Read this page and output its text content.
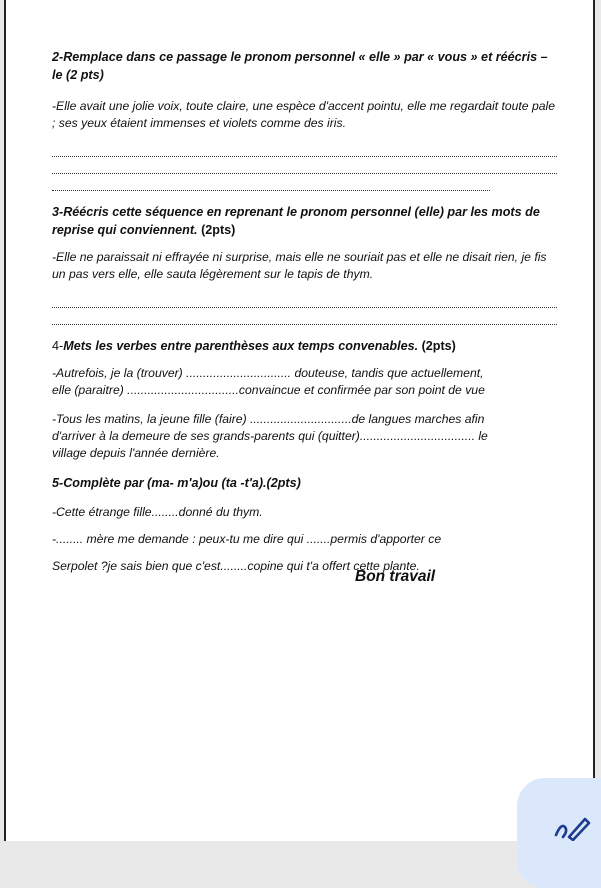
2-Remplace dans ce passage le pronom personnel « elle » par « vous » et réécris –le (2 pts)

-Elle avait une jolie voix, toute claire, une espèce d'accent pointu, elle me regardait toute pale ; ses yeux étaient immenses et violets comme des iris.

3-Réécris cette séquence en reprenant le pronom personnel (elle) par les mots de reprise qui conviennent. (2pts)

-Elle ne paraissait ni effrayée ni surprise, mais elle ne souriait pas et elle ne disait rien, je fis un pas vers elle, elle sauta légèrement sur le tapis de thym.

4-Mets les verbes entre parenthèses aux temps convenables. (2pts)

-Autrefois, je la (trouver) ............................... douteuse, tandis que actuellement,

elle (paraitre) .................................convaincue et confirmée par son point de vue

-Tous les matins, la jeune fille (faire) ..............................de langues marches afin

d'arriver à la demeure de ses grands-parents qui (quitter).................................. le

village depuis l'année dernière.

5-Complète par (ma- m'a)ou (ta -t'a).(2pts)

-Cette étrange fille........donné du thym.

-........ mère me demande : peux-tu me dire qui .......permis d'apporter ce

Serpolet ?je sais bien que c'est........copine qui t'a offert cette plante.

Bon travail
